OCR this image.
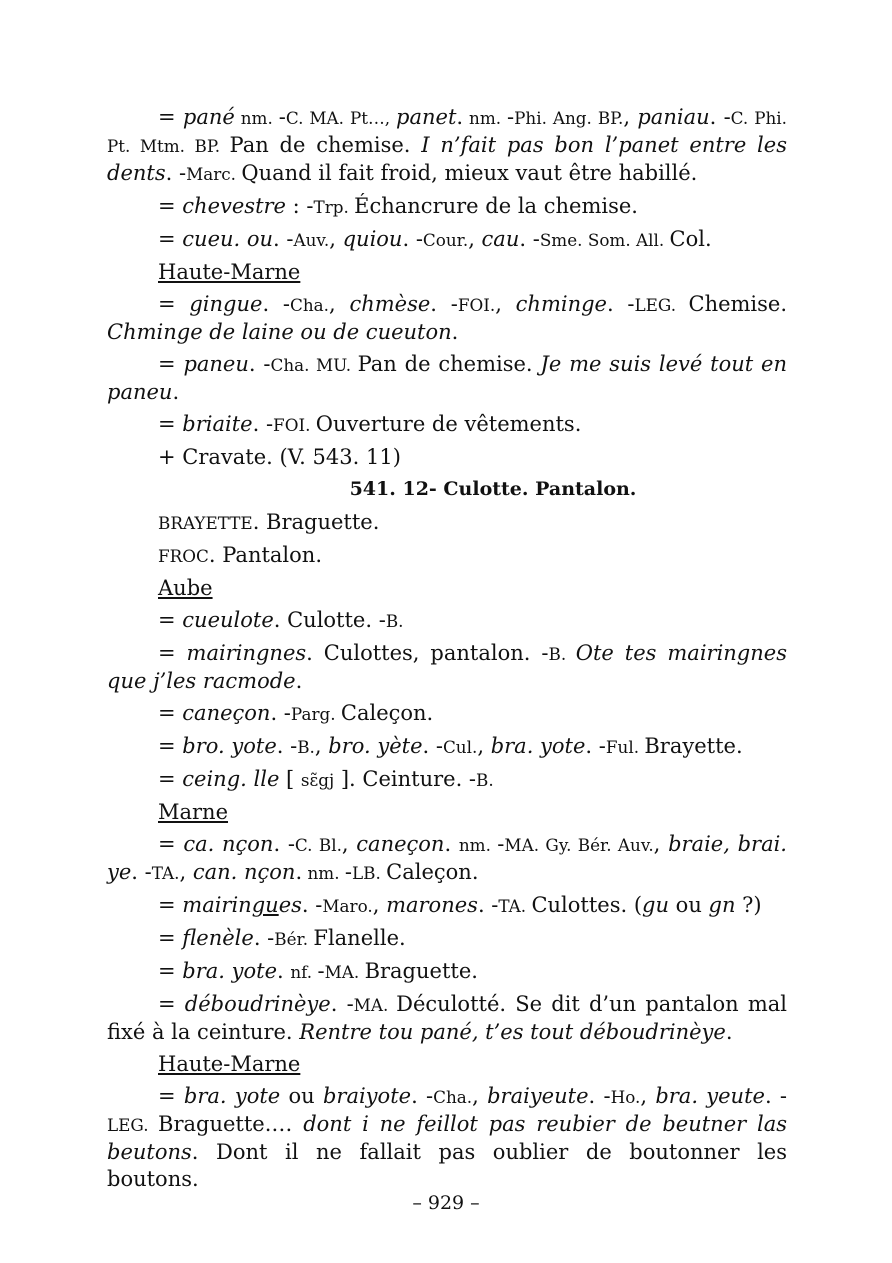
= pané nm. -C. MA. Pt…, panet. nm. -Phi. Ang. BP., paniau. -C. Phi. Pt. Mtm. BP. Pan de chemise. I n’fait pas bon l’panet entre les dents. -Marc. Quand il fait froid, mieux vaut être habillé.

= chevestre : -Trp. Échancrure de la chemise.

= cueu. ou. -Auv., quiou. -Cour., cau. -Sme. Som. All. Col.

Haute-Marne

= gingue. -Cha., chmèse. -FOI., chminge. -LEG. Chemise. Chminge de laine ou de cueuton.

= paneu. -Cha. MU. Pan de chemise. Je me suis levé tout en paneu.

= briaite. -FOI. Ouverture de vêtements.

+ Cravate. (V. 543. 11)

541. 12- Culotte. Pantalon.

BRAYETTE. Braguette.

FROC. Pantalon.

Aube

= cueulote. Culotte. -B.

= mairingnes. Culottes, pantalon. -B. Ote tes mairingnes que j’les racmode.

= caneçon. -Parg. Caleçon.

= bro. yote. -B., bro. yète. -Cul., bra. yote. -Ful. Brayette.

= ceing. lle [ sɛ̃gj ]. Ceinture. -B.

Marne

= ca. nçon. -C. Bl., caneçon. nm. -MA. Gy. Bér. Auv., braie, brai. ye. -TA., can. nçon. nm. -LB. Caleçon.

= mairingues. -Maro., marones. -TA. Culottes. (gu ou gn ?)

= flenèle. -Bér. Flanelle.

= bra. yote. nf. -MA. Braguette.

= déboudrinèye. -MA. Déculotté. Se dit d’un pantalon mal fixé à la ceinture. Rentre tou pané, t’es tout déboudrinèye.

Haute-Marne

= bra. yote ou braiyote. -Cha., braiyeute. -Ho., bra. yeute. -LEG. Braguette.… dont i ne feillot pas reubier de beutner las beutons. Dont il ne fallait pas oublier de boutonner les boutons.

– 929 –
